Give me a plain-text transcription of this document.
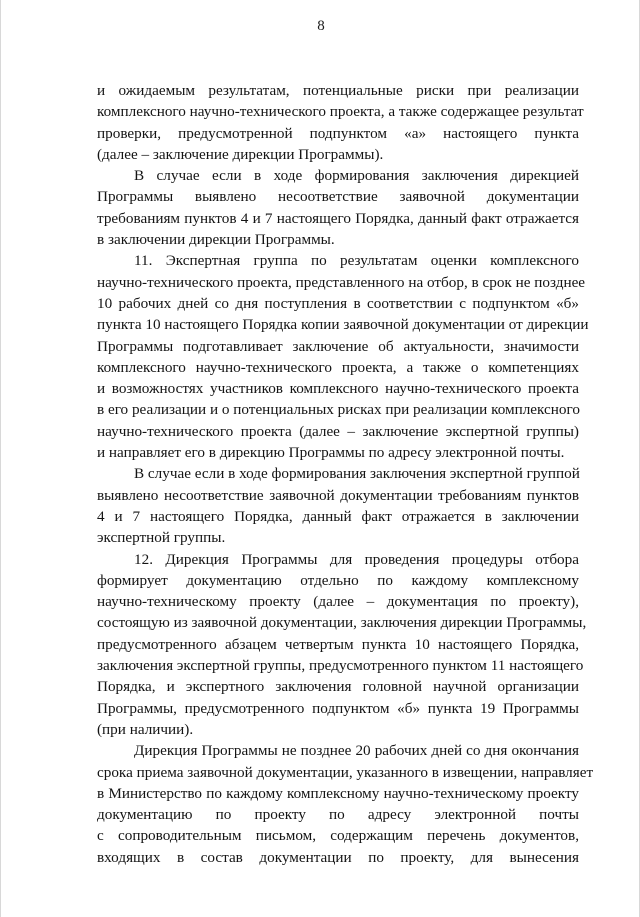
8
и ожидаемым результатам, потенциальные риски при реализации
комплексного научно-технического проекта, а также содержащее результат
проверки, предусмотренной подпунктом «а» настоящего пункта
(далее – заключение дирекции Программы).
В случае если в ходе формирования заключения дирекцией
Программы выявлено несоответствие заявочной документации
требованиям пунктов 4 и 7 настоящего Порядка, данный факт отражается
в заключении дирекции Программы.
11. Экспертная группа по результатам оценки комплексного
научно-технического проекта, представленного на отбор, в срок не позднее
10 рабочих дней со дня поступления в соответствии с подпунктом «б»
пункта 10 настоящего Порядка копии заявочной документации от дирекции
Программы подготавливает заключение об актуальности, значимости
комплексного научно-технического проекта, а также о компетенциях
и возможностях участников комплексного научно-технического проекта
в его реализации и о потенциальных рисках при реализации комплексного
научно-технического проекта (далее – заключение экспертной группы)
и направляет его в дирекцию Программы по адресу электронной почты.
В случае если в ходе формирования заключения экспертной группой
выявлено несоответствие заявочной документации требованиям пунктов
4 и 7 настоящего Порядка, данный факт отражается в заключении
экспертной группы.
12. Дирекция Программы для проведения процедуры отбора
формирует документацию отдельно по каждому комплексному
научно-техническому проекту (далее – документация по проекту),
состоящую из заявочной документации, заключения дирекции Программы,
предусмотренного абзацем четвертым пункта 10 настоящего Порядка,
заключения экспертной группы, предусмотренного пунктом 11 настоящего
Порядка, и экспертного заключения головной научной организации
Программы, предусмотренного подпунктом «б» пункта 19 Программы
(при наличии).
Дирекция Программы не позднее 20 рабочих дней со дня окончания
срока приема заявочной документации, указанного в извещении, направляет
в Министерство по каждому комплексному научно-техническому проекту
документацию по проекту по адресу электронной почты
с сопроводительным письмом, содержащим перечень документов,
входящих в состав документации по проекту, для вынесения
